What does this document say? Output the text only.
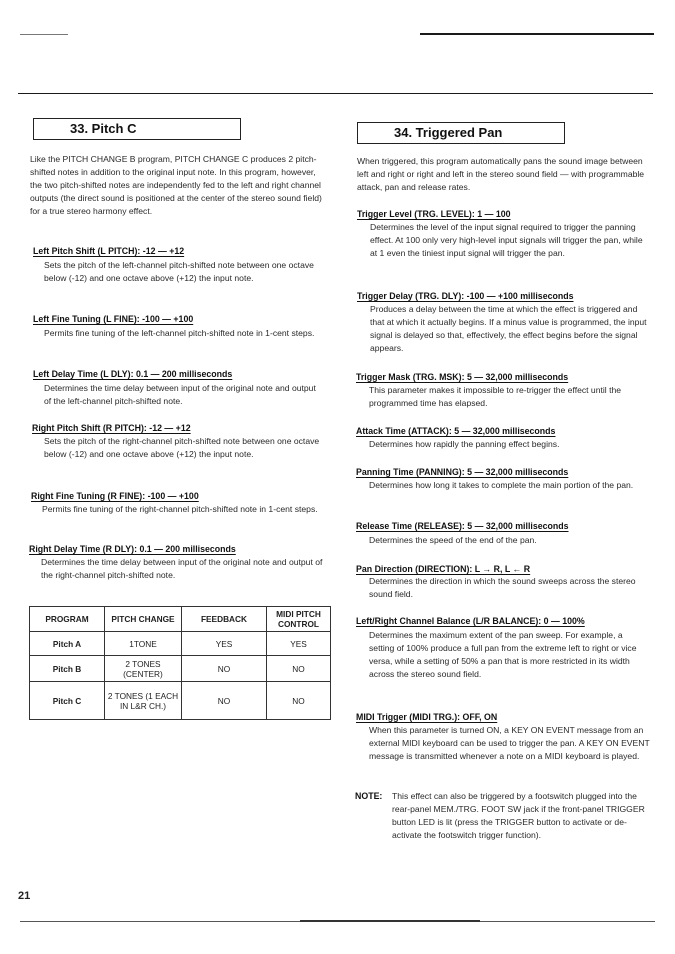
33. Pitch C

Like the PITCH CHANGE B program, PITCH CHANGE C produces 2 pitch-shifted notes in addition to the original input note. In this program, however, the two pitch-shifted notes are independently fed to the left and right channel outputs (the direct sound is positioned at the center of the stereo sound field) for a true stereo harmony effect.

Left Pitch Shift (L PITCH): -12 — +12

Sets the pitch of the left-channel pitch-shifted note between one octave below (-12) and one octave above (+12) the input note.

Left Fine Tuning (L FINE): -100 — +100

Permits fine tuning of the left-channel pitch-shifted note in 1-cent steps.

Left Delay Time (L DLY): 0.1 — 200 milliseconds

Determines the time delay between input of the original note and output of the left-channel pitch-shifted note.

Right Pitch Shift (R PITCH): -12 — +12

Sets the pitch of the right-channel pitch-shifted note between one octave below (-12) and one octave above (+12) the input note.

Right Fine Tuning (R FINE): -100 — +100

Permits fine tuning of the right-channel pitch-shifted note in 1-cent steps.

Right Delay Time (R DLY): 0.1 — 200 milliseconds

Determines the time delay between input of the original note and output of the right-channel pitch-shifted note.

PROGRAM	PITCH CHANGE	FEEDBACK	MIDI PITCH CONTROL
Pitch A	1TONE	YES	YES
Pitch B	2 TONES (CENTER)	NO	NO
Pitch C	2 TONES (1 EACH IN L&R CH.)	NO	NO
34. Triggered Pan

When triggered, this program automatically pans the sound image between left and right or right and left in the stereo sound field — with programmable attack, pan and release rates.

Trigger Level (TRG. LEVEL): 1 — 100

Determines the level of the input signal required to trigger the panning effect. At 100 only very high-level input signals will trigger the pan, while at 1 even the tiniest input signal will trigger the pan.

Trigger Delay (TRG. DLY): -100 — +100 milliseconds

Produces a delay between the time at which the effect is triggered and that at which it actually begins. If a minus value is programmed, the input signal is delayed so that, effectively, the effect begins before the signal appears.

Trigger Mask (TRG. MSK): 5 — 32,000 milliseconds

This parameter makes it impossible to re-trigger the effect until the programmed time has elapsed.

Attack Time (ATTACK): 5 — 32,000 milliseconds

Determines how rapidly the panning effect begins.

Panning Time (PANNING): 5 — 32,000 milliseconds

Determines how long it takes to complete the main portion of the pan.

Release Time (RELEASE): 5 — 32,000 milliseconds

Determines the speed of the end of the pan.

Pan Direction (DIRECTION): L → R, L ← R

Determines the direction in which the sound sweeps across the stereo sound field.

Left/Right Channel Balance (L/R BALANCE): 0 — 100%

Determines the maximum extent of the pan sweep. For example, a setting of 100% produce a full pan from the extreme left to right or vice versa, while a setting of 50% a pan that is more restricted in its width across the stereo sound field.

MIDI Trigger (MIDI TRG.): OFF, ON

When this parameter is turned ON, a KEY ON EVENT message from an external MIDI keyboard can be used to trigger the pan. A KEY ON EVENT message is transmitted whenever a note on a MIDI keyboard is played.

NOTE: This effect can also be triggered by a footswitch plugged into the rear-panel MEM./TRG. FOOT SW jack if the front-panel TRIGGER button LED is lit (press the TRIGGER button to activate or de-activate the footswitch trigger function).

21
